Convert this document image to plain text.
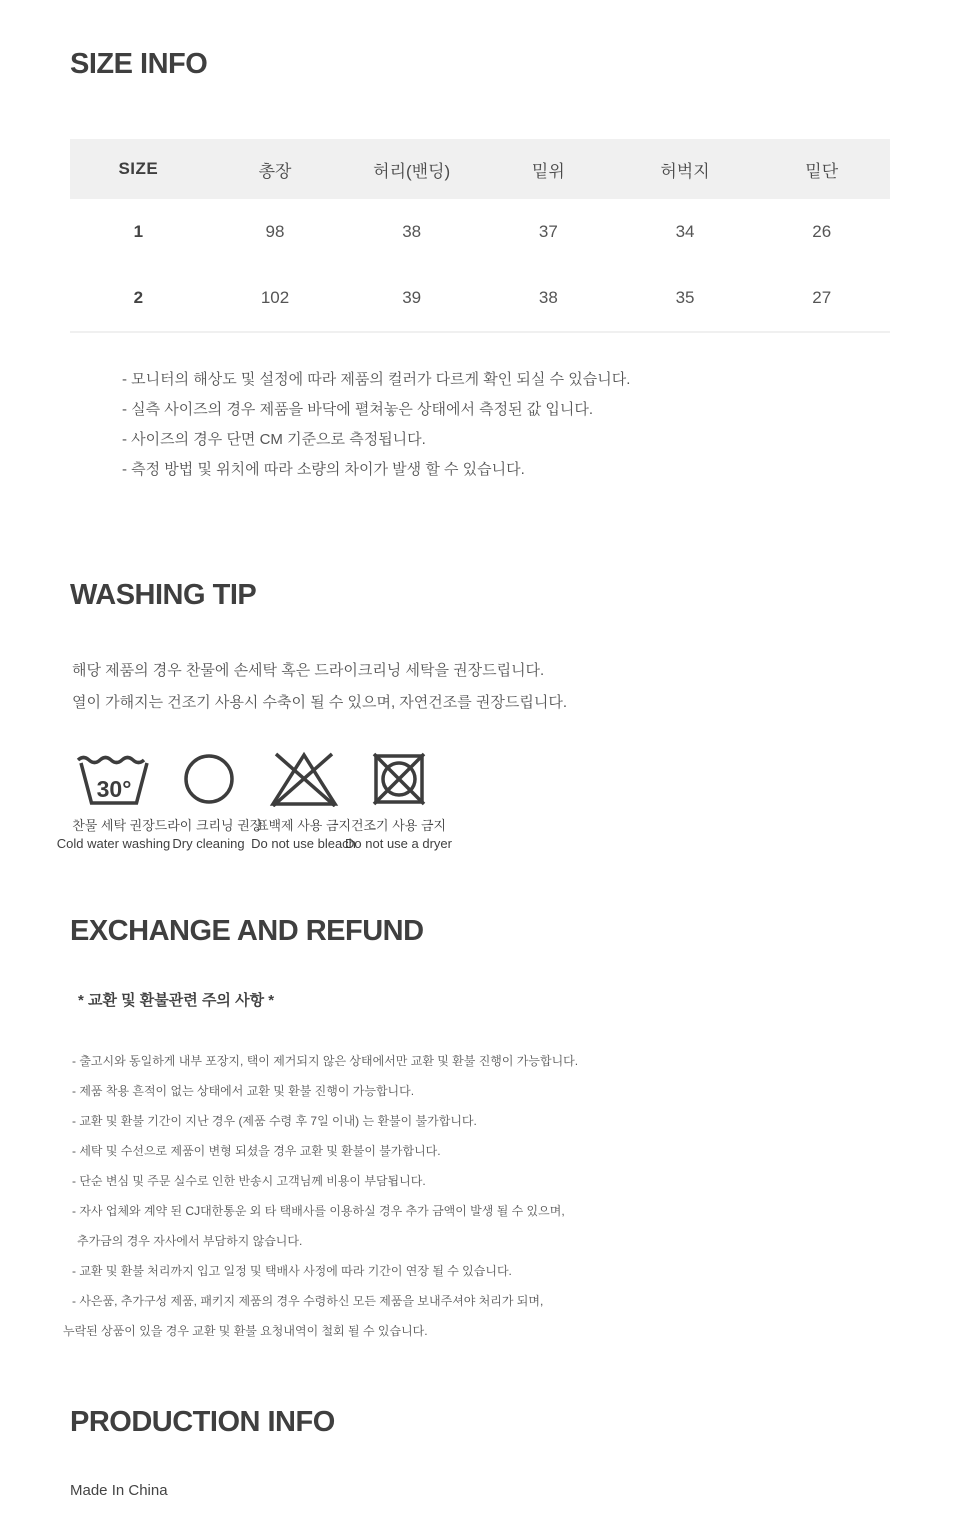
SIZE INFO
SIZE	총장	허리(밴딩)	밑위	허벅지	밑단
1	98	38	37	34	26
2	102	39	38	35	27
- 모니터의 해상도 및 설정에 따라 제품의 컬러가 다르게 확인 되실 수 있습니다.
- 실측 사이즈의 경우 제품을 바닥에 펼쳐놓은 상태에서 측정된 값 입니다.
- 사이즈의 경우 단면 CM 기준으로 측정됩니다.
- 측정 방법 및 위치에 따라 소량의 차이가 발생 할 수 있습니다.
WASHING TIP
해당 제품의 경우 찬물에 손세탁 혹은 드라이크리닝 세탁을 권장드립니다.
열이 가해지는 건조기 사용시 수축이 될 수 있으며, 자연건조를 권장드립니다.
30°
찬물 세탁 권장
Cold water washing
드라이 크리닝 권장
Dry cleaning
표백제 사용 금지
Do not use bleach
건조기 사용 금지
Do not use a dryer
EXCHANGE AND REFUND
* 교환 및 환불관련 주의 사항 *
- 출고시와 동일하게 내부 포장지, 택이 제거되지 않은 상태에서만 교환 및 환불 진행이 가능합니다.
- 제품 착용 흔적이 없는 상태에서 교환 및 환불 진행이 가능합니다.
- 교환 및 환불 기간이 지난 경우 (제품 수령 후 7일 이내) 는 환불이 불가합니다.
- 세탁 및 수선으로 제품이 변형 되셨을 경우 교환 및 환불이 불가합니다.
- 단순 변심 및 주문 실수로 인한 반송시 고객님께 비용이 부담됩니다.
- 자사 업체와 계약 된 CJ대한통운 외 타 택배사를 이용하실 경우 추가 금액이 발생 될 수 있으며,
추가금의 경우 자사에서 부담하지 않습니다.
- 교환 및 환불 처리까지 입고 일정 및 택배사 사정에 따라 기간이 연장 될 수 있습니다.
- 사은품, 추가구성 제품, 패키지 제품의 경우 수령하신 모든 제품을 보내주셔야 처리가 되며,
누락된 상품이 있을 경우 교환 및 환불 요청내역이 철회 될 수 있습니다.
PRODUCTION INFO
Made In China
